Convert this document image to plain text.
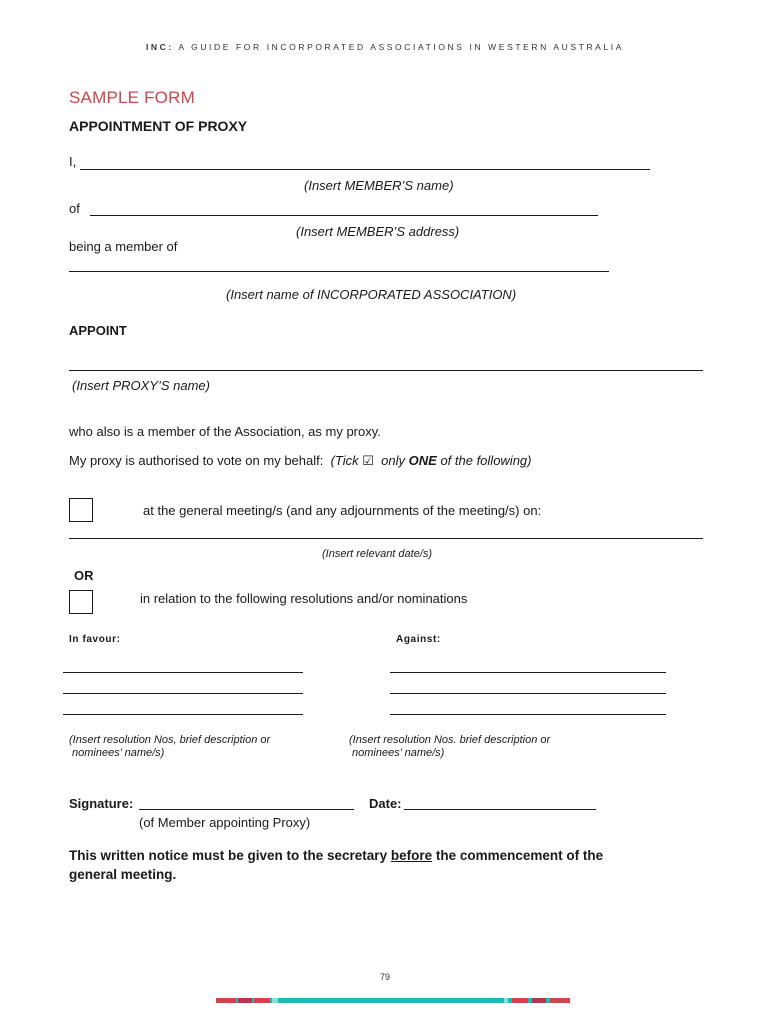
INC: A GUIDE FOR INCORPORATED ASSOCIATIONS IN WESTERN AUSTRALIA
SAMPLE FORM
APPOINTMENT OF PROXY
I,
(Insert MEMBER’S name)
of
(Insert MEMBER’S address)
being a member of
(Insert name of INCORPORATED ASSOCIATION)
APPOINT
(Insert PROXY’S name)
who also is a member of the Association, as my proxy.
My proxy is authorised to vote on my behalf: (Tick ☑ only ONE of the following)
at the general meeting/s (and any adjournments of the meeting/s) on:
(Insert relevant date/s)
OR
in relation to the following resolutions and/or nominations
In favour:	Against:
(Insert resolution Nos, brief description or
nominees’ name/s)
(Insert resolution Nos. brief description or
nominees’ name/s)
Signature:	Date:
(of Member appointing Proxy)
This written notice must be given to the secretary before the commencement of the
general meeting.
79
